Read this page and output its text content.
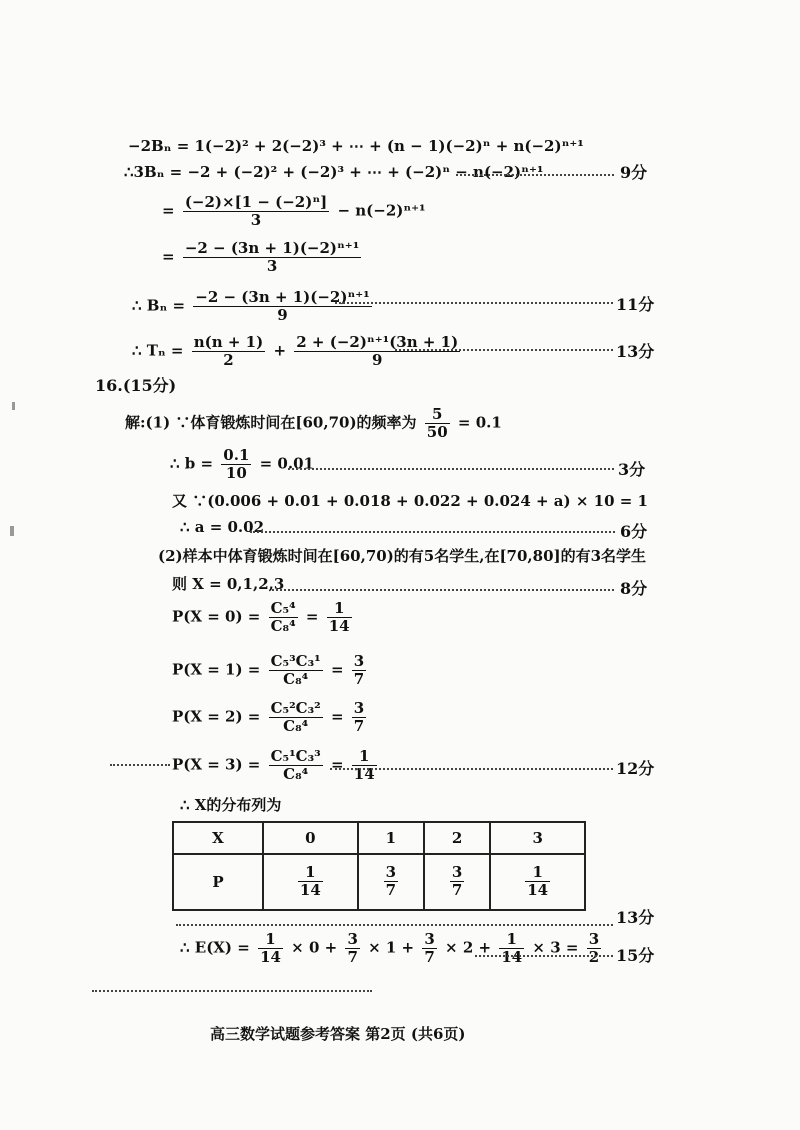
−2Bₙ = 1(−2)² + 2(−2)³ + ⋯ + (n − 1)(−2)ⁿ + n(−2)ⁿ⁺¹
∴3Bₙ = −2 + (−2)² + (−2)³ + ⋯ + (−2)ⁿ − n(−2)ⁿ⁺¹	9分
= $\frac{\text{(−2)×[1 − (−2)ⁿ]}}{3} - n(-2)^{n+1}$
= $\frac{\text{−2 − (3n + 1)(−2)ⁿ⁺¹}}{3}$
∴ $B_n = \frac{\text{−2 − (3n + 1)(−2)ⁿ⁺¹}}{9}$	11分
∴ $T_n = \frac{n(n + 1)}{2} + \frac{\text{2 + (−2)ⁿ⁺¹(3n + 1)}}{9}$	13分
16.(15分)
解:(1) ∵体育锻炼时间在[60,70)的频率为 $\frac{5}{50} = 0.1$
∴ $b = \frac{0.1}{10} = 0.01$	3分
又 ∵(0.006 + 0.01 + 0.018 + 0.022 + 0.024 + a) × 10 = 1
∴ a = 0.02	6分
(2)样本中体育锻炼时间在[60,70)的有5名学生,在[70,80]的有3名学生
则 X = 0,1,2,3	8分
$P(X = 0) = \frac{\text{C₅⁴}}{\text{C₈⁴}} = \frac{1}{14}$
$P(X = 1) = \frac{\text{C₅³C₃¹}}{\text{C₈⁴}} = \frac{3}{7}$
$P(X = 2) = \frac{\text{C₅²C₃²}}{\text{C₈⁴}} = \frac{3}{7}$
$P(X = 3) = \frac{\text{C₅¹C₃³}}{\text{C₈⁴}} = \frac{1}{14}$	12分
∴ X的分布列为
X	0	1	2	3
P	$\frac{1}{14}$	$\frac{3}{7}$	$\frac{3}{7}$	$\frac{1}{14}$
13分
∴ $E(X) = \frac{1}{14} \times 0 + \frac{3}{7} \times 1 + \frac{3}{7} \times 2 + \frac{1}{14} \times 3 = \frac{3}{2} 15$分
高三数学试题参考答案 第2页 (共6页)
